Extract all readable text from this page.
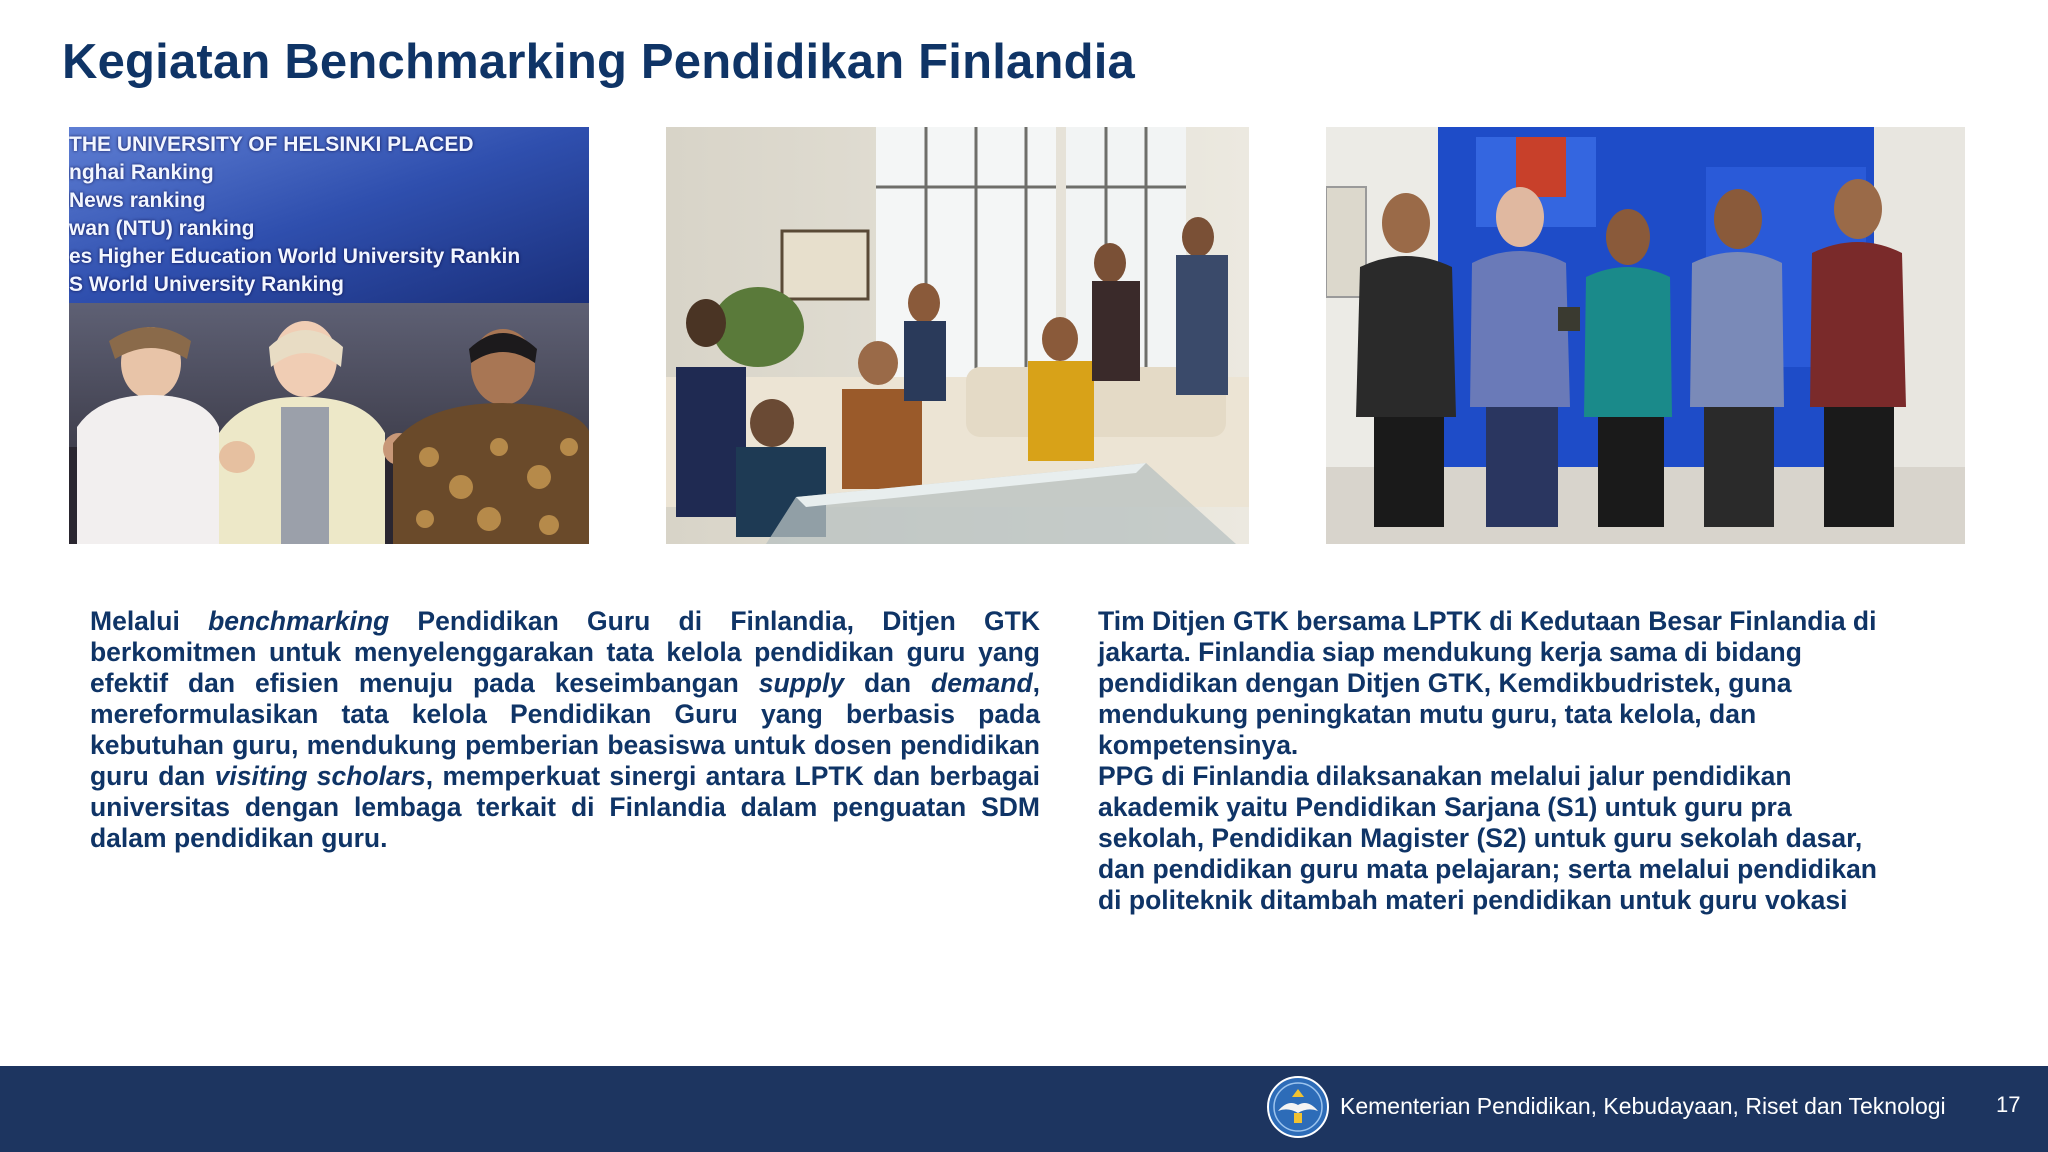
Kegiatan Benchmarking Pendidikan Finlandia
THE UNIVERSITY OF HELSINKI PLACED
nghai Ranking
News ranking
wan (NTU) ranking
es Higher Education World University Rankin
S World University Ranking

Melalui benchmarking Pendidikan Guru di Finlandia, Ditjen GTK berkomitmen untuk menyelenggarakan tata kelola pendidikan guru yang efektif dan efisien menuju pada keseimbangan supply dan demand, mereformulasikan tata kelola Pendidikan Guru yang berbasis pada kebutuhan guru, mendukung pemberian beasiswa untuk dosen pendidikan guru dan visiting scholars, memperkuat sinergi antara LPTK dan berbagai universitas dengan lembaga terkait di Finlandia dalam penguatan SDM dalam pendidikan guru.

Tim Ditjen GTK bersama LPTK di Kedutaan Besar Finlandia di
jakarta. Finlandia siap mendukung kerja sama di bidang
pendidikan dengan Ditjen GTK, Kemdikbudristek, guna
mendukung peningkatan mutu guru, tata kelola, dan
kompetensinya.
PPG di Finlandia dilaksanakan melalui jalur pendidikan
akademik yaitu Pendidikan Sarjana (S1) untuk guru pra
sekolah, Pendidikan Magister (S2) untuk guru sekolah dasar,
dan pendidikan guru mata pelajaran; serta melalui pendidikan
di politeknik ditambah materi pendidikan untuk guru vokasi
Kementerian Pendidikan, Kebudayaan, Riset dan Teknologi 17
